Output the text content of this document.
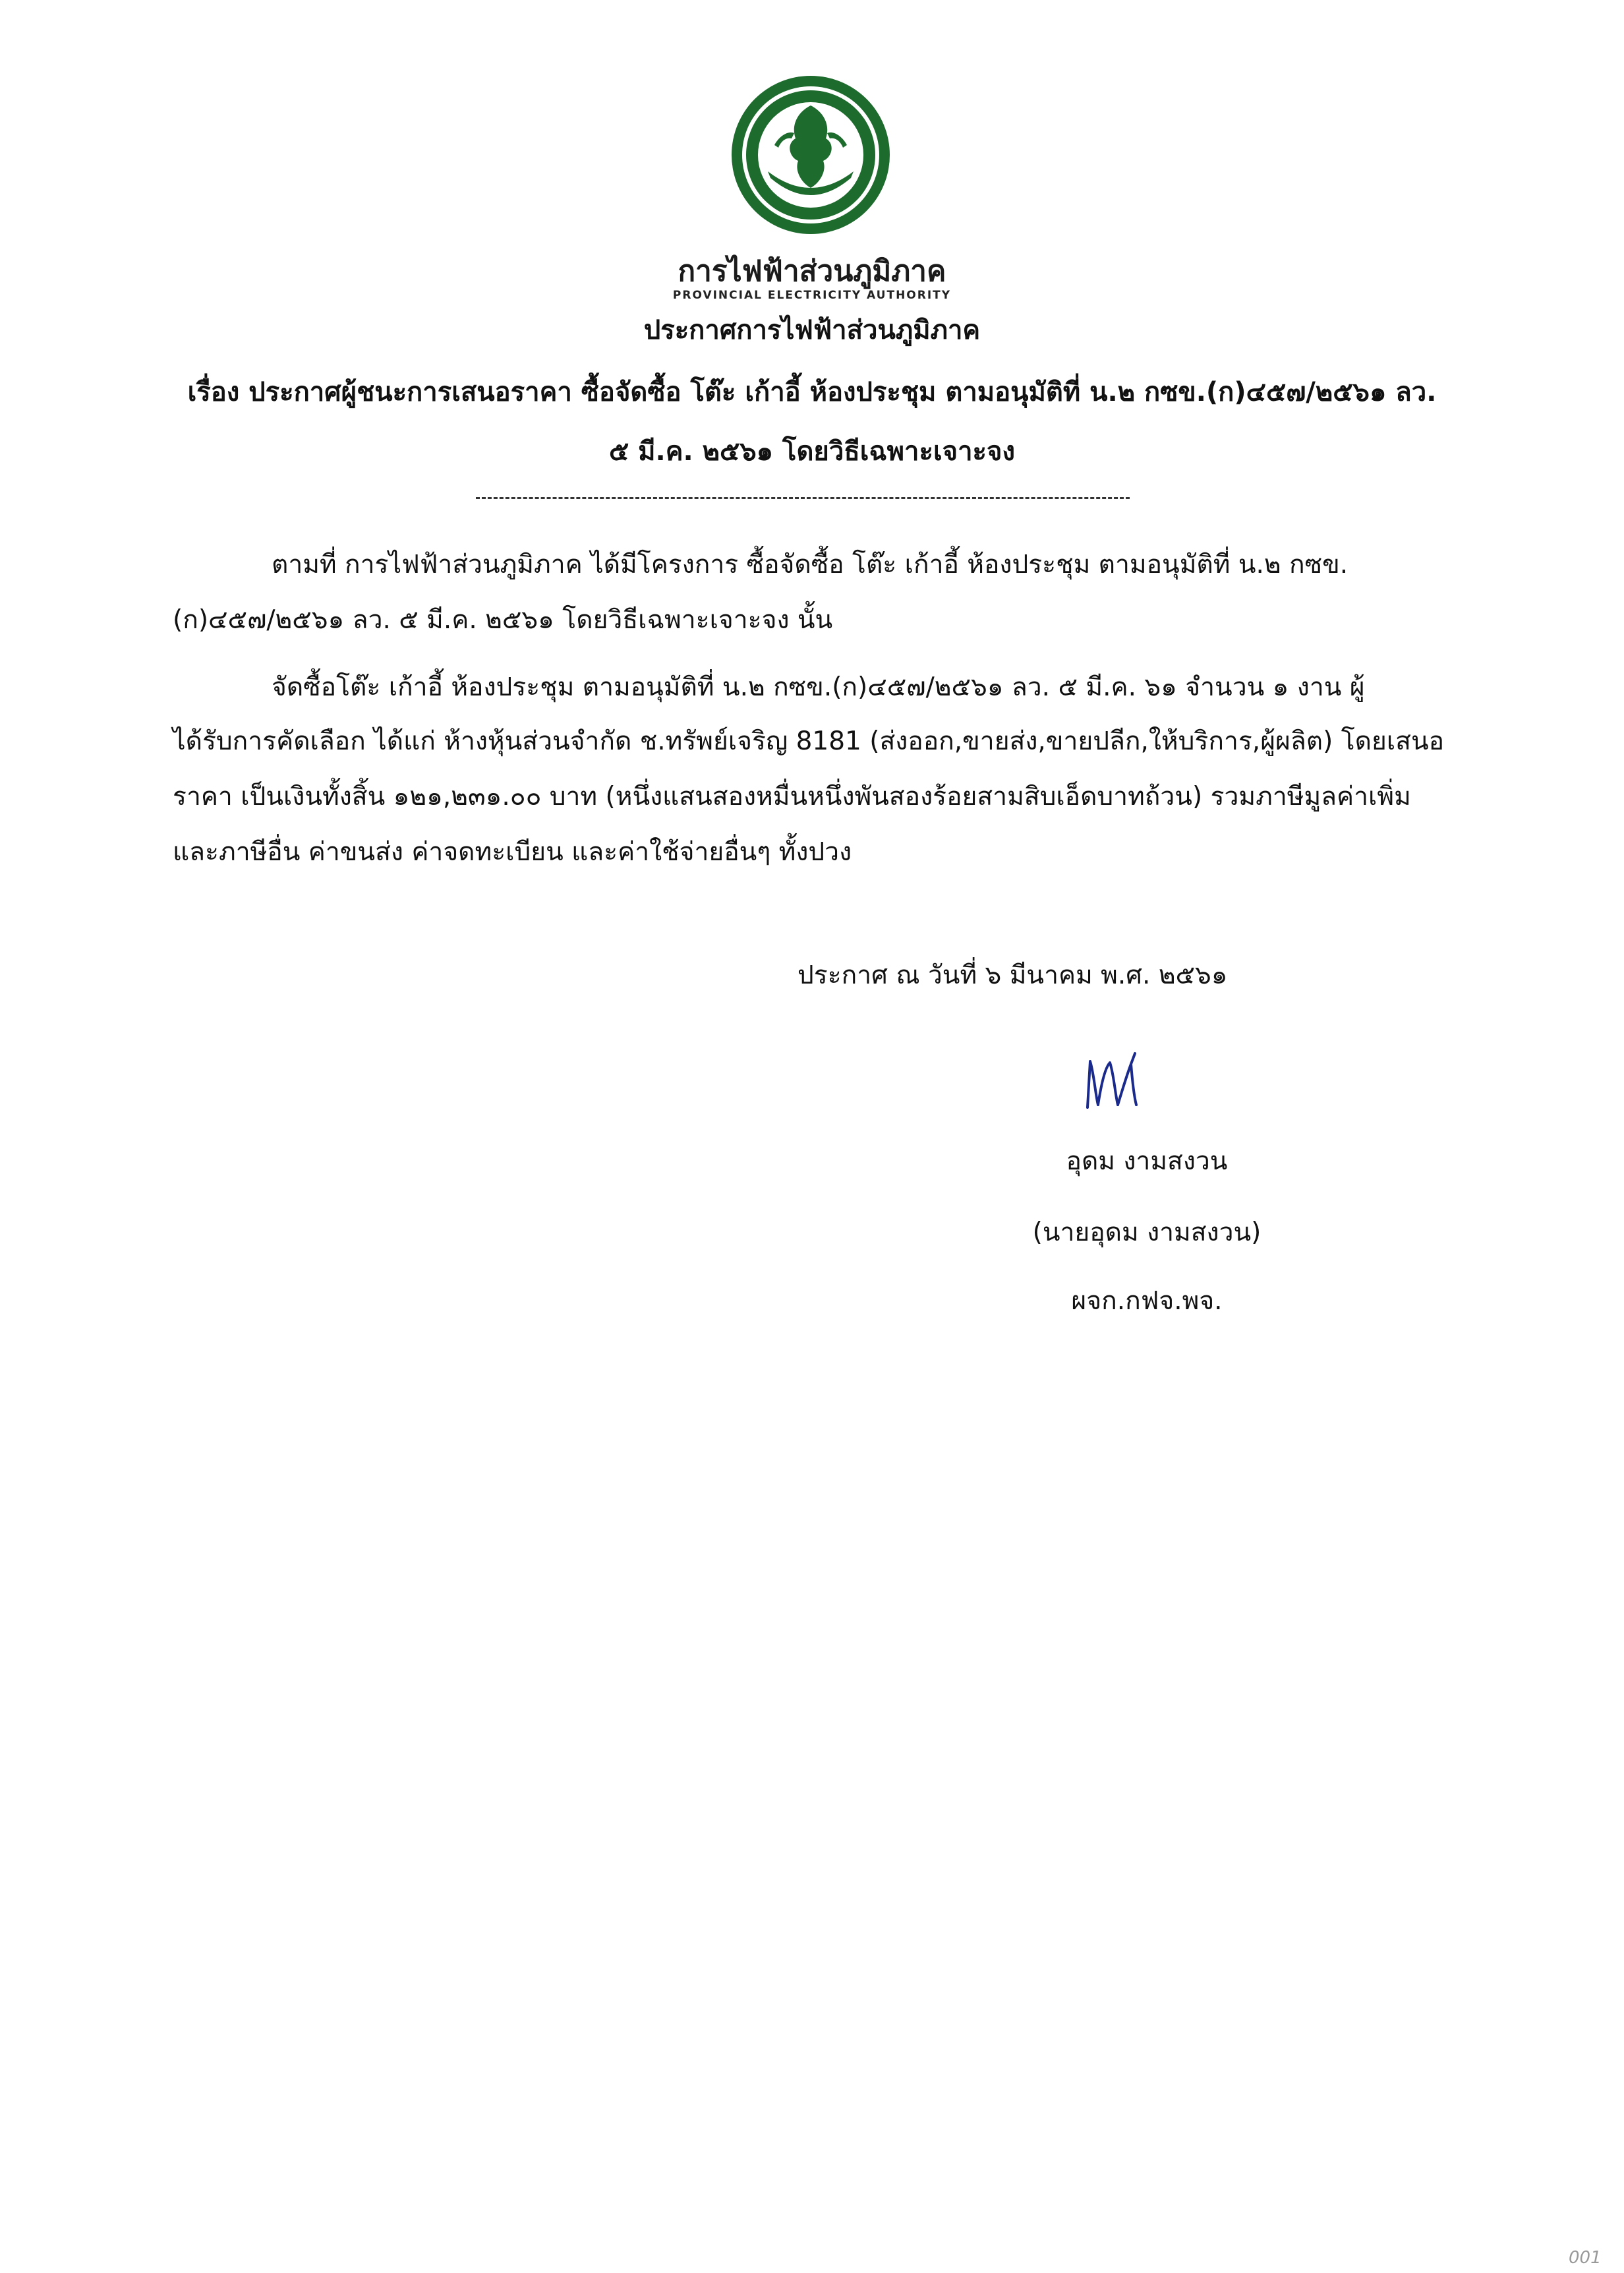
การไฟฟ้าส่วนภูมิภาค
PROVINCIAL ELECTRICITY AUTHORITY
ประกาศการไฟฟ้าส่วนภูมิภาค
เรื่อง ประกาศผู้ชนะการเสนอราคา ซื้อจัดซื้อ โต๊ะ เก้าอี้ ห้องประชุม ตามอนุมัติที่ น.๒ กซข.(ก)๔๕๗/๒๕๖๑ ลว.
๕ มี.ค. ๒๕๖๑ โดยวิธีเฉพาะเจาะจง
ตามที่ การไฟฟ้าส่วนภูมิภาค ได้มีโครงการ ซื้อจัดซื้อ โต๊ะ เก้าอี้ ห้องประชุม ตามอนุมัติที่ น.๒ กซข.
(ก)๔๕๗/๒๕๖๑ ลว. ๕ มี.ค. ๒๕๖๑ โดยวิธีเฉพาะเจาะจง นั้น
จัดซื้อโต๊ะ เก้าอี้ ห้องประชุม ตามอนุมัติที่ น.๒ กซข.(ก)๔๕๗/๒๕๖๑ ลว. ๕ มี.ค. ๖๑ จำนวน ๑ งาน ผู้
ได้รับการคัดเลือก ได้แก่ ห้างหุ้นส่วนจำกัด ช.ทรัพย์เจริญ 8181 (ส่งออก,ขายส่ง,ขายปลีก,ให้บริการ,ผู้ผลิต) โดยเสนอ
ราคา เป็นเงินทั้งสิ้น ๑๒๑,๒๓๑.๐๐ บาท (หนึ่งแสนสองหมื่นหนึ่งพันสองร้อยสามสิบเอ็ดบาทถ้วน) รวมภาษีมูลค่าเพิ่ม
และภาษีอื่น ค่าขนส่ง ค่าจดทะเบียน และค่าใช้จ่ายอื่นๆ ทั้งปวง
ประกาศ ณ วันที่ ๖ มีนาคม พ.ศ. ๒๕๖๑
อุดม งามสงวน
(นายอุดม งามสงวน)
ผจก.กฟจ.พจ.
001
